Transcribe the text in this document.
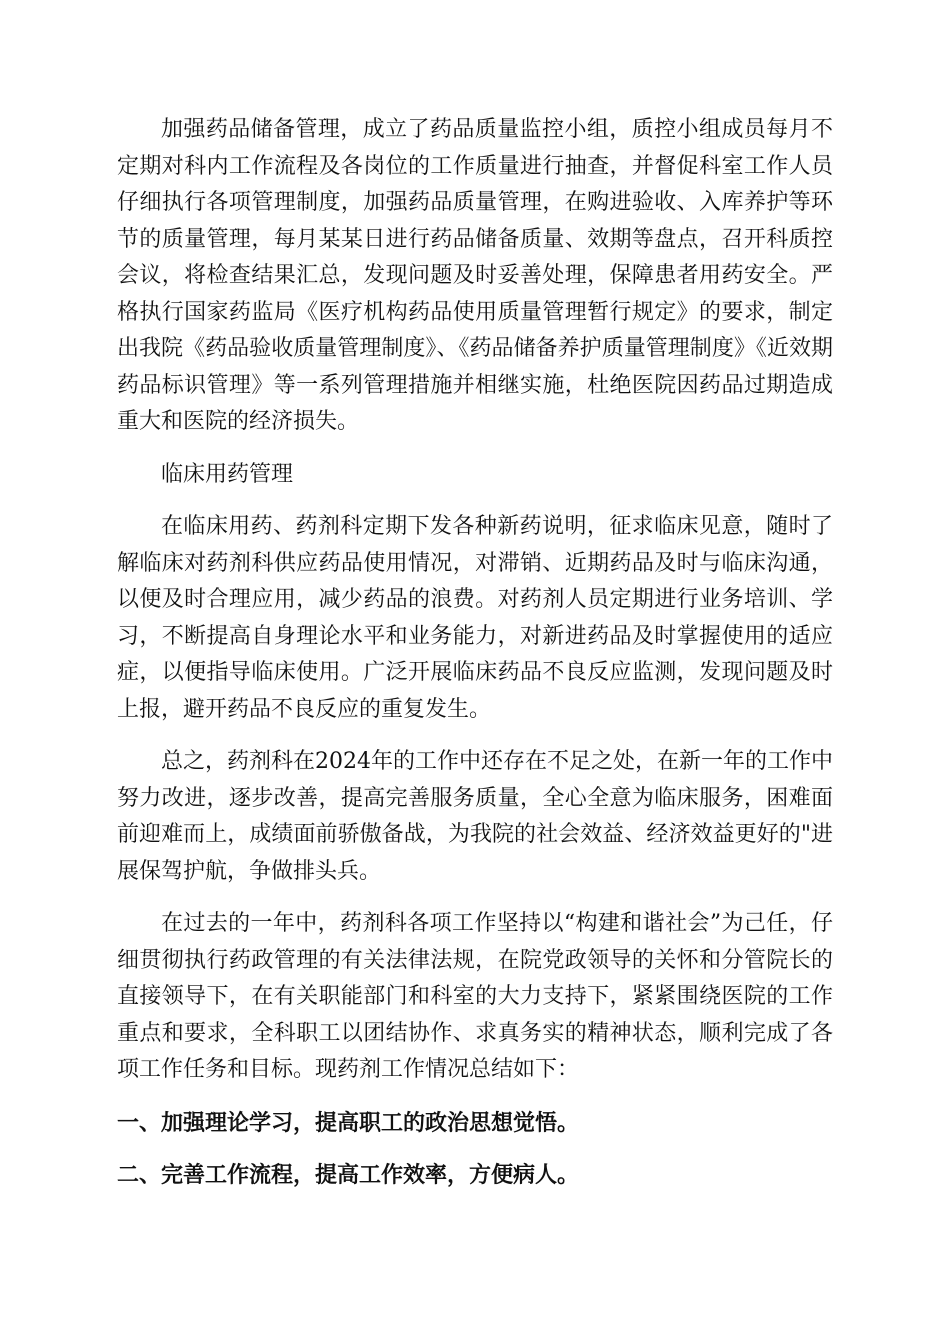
加强药品储备管理，成立了药品质量监控小组，质控小组成员每月不定期对科内工作流程及各岗位的工作质量进行抽查，并督促科室工作人员仔细执行各项管理制度，加强药品质量管理，在购进验收、入库养护等环节的质量管理，每月某某日进行药品储备质量、效期等盘点，召开科质控会议，将检查结果汇总，发现问题及时妥善处理，保障患者用药安全。严格执行国家药监局《医疗机构药品使用质量管理暂行规定》的要求，制定出我院《药品验收质量管理制度》、《药品储备养护质量管理制度》《近效期药品标识管理》等一系列管理措施并相继实施，杜绝医院因药品过期造成重大和医院的经济损失。

临床用药管理

在临床用药、药剂科定期下发各种新药说明，征求临床见意，随时了解临床对药剂科供应药品使用情况，对滞销、近期药品及时与临床沟通，以便及时合理应用，减少药品的浪费。对药剂人员定期进行业务培训、学习，不断提高自身理论水平和业务能力，对新进药品及时掌握使用的适应症，以便指导临床使用。广泛开展临床药品不良反应监测，发现问题及时上报，避开药品不良反应的重复发生。

总之，药剂科在2024年的工作中还存在不足之处，在新一年的工作中努力改进，逐步改善，提高完善服务质量，全心全意为临床服务，困难面前迎难而上，成绩面前骄傲备战，为我院的社会效益、经济效益更好的"进展保驾护航，争做排头兵。

在过去的一年中，药剂科各项工作坚持以“构建和谐社会”为己任，仔细贯彻执行药政管理的有关法律法规，在院党政领导的关怀和分管院长的直接领导下，在有关职能部门和科室的大力支持下，紧紧围绕医院的工作重点和要求，全科职工以团结协作、求真务实的精神状态，顺利完成了各项工作任务和目标。现药剂工作情况总结如下：

一、加强理论学习，提高职工的政治思想觉悟。

二、完善工作流程，提高工作效率，方便病人。
